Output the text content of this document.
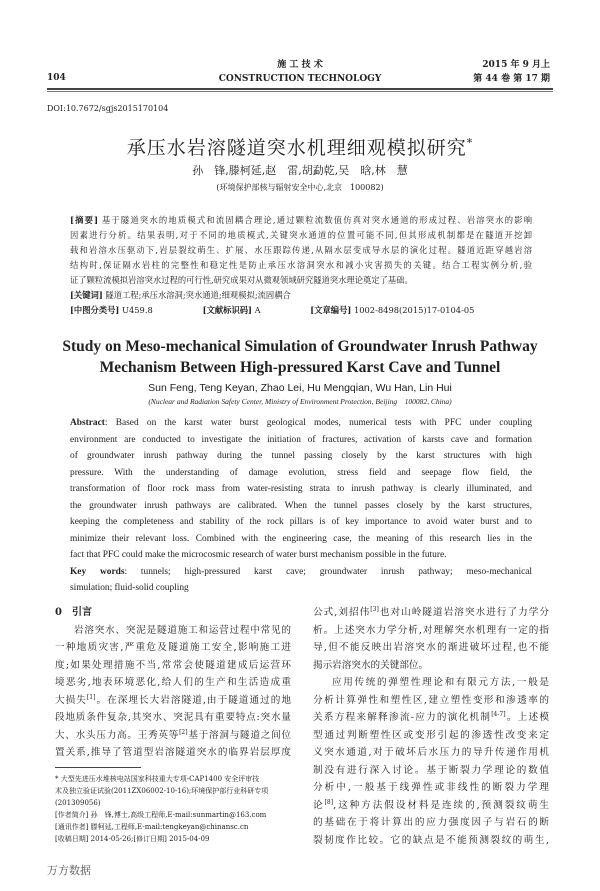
施 工 技 术
CONSTRUCTION TECHNOLOGY
104
2015 年 9 月上
第 44 卷 第 17 期
DOI:10.7672/sgjs2015170104
承压水岩溶隧道突水机理细观模拟研究*
孙　锋,滕柯延,赵　雷,胡勐乾,吴　晗,林　慧
(环境保护部核与辐射安全中心,北京　100082)
[摘要] 基于隧道突水的地质模式和流固耦合理论,通过颗粒流数值仿真对突水通道的形成过程、岩溶突水的影响
因素进行分析。结果表明,对于不同的地质模式,关键突水通道的位置可能不同,但其形成机制都是在隧道开挖卸
载和岩溶水压驱动下,岩层裂纹萌生、扩展、水压跟踪传递,从隔水层变成导水层的演化过程。隧道近距穿越岩溶
结构时,保证隔水岩柱的完整性和稳定性是防止承压水溶洞突水和减小灾害损失的关键。结合工程实例分析,验
证了颗粒流模拟岩溶突水过程的可行性,研究成果对从微观领域研究隧道突水理论奠定了基础。
[关键词] 隧道工程;承压水溶洞;突水通道;细观模拟;流固耦合
[中图分类号] U459.8	[文献标识码] A	[文章编号] 1002-8498(2015)17-0104-05
Study on Meso-mechanical Simulation of Groundwater Inrush Pathway
Mechanism Between High-pressured Karst Cave and Tunnel
Sun Feng, Teng Keyan, Zhao Lei, Hu Mengqian, Wu Han, Lin Hui
(Nuclear and Radiation Safety Center, Ministry of Environment Protection, Beijing　100082, China)
Abstract: Based on the karst water burst geological modes, numerical tests with PFC under coupling
environment are conducted to investigate the initiation of fractures, activation of karsts cave and formation
of groundwater inrush pathway during the tunnel passing closely by the karst structures with high
pressure. With the understanding of damage evolution, stress field and seepage flow field, the
transformation of floor rock mass from water-resisting strata to inrush pathway is clearly illuminated, and
the groundwater inrush pathways are calibrated. When the tunnel passes closely by the karst structures,
keeping the completeness and stability of the rock pillars is of key importance to avoid water burst and to
minimize their relevant loss. Combined with the engineering case, the meaning of this research lies in the
fact that PFC could make the microcosmic research of water burst mechanism possible in the future.
Key words: tunnels; high-pressured karst cave; groundwater inrush pathway; meso-mechanical
simulation; fluid-solid coupling
0　引言
岩溶突水、突泥是隧道施工和运营过程中常见的
一种地质灾害,严重危及隧道施工安全,影响施工进
度;如果处理措施不当,常常会使隧道建成后运营环
境恶劣,地表环境恶化,给人们的生产和生活造成重
大损失[1]。在深埋长大岩溶隧道,由于隧道通过的地
段地质条件复杂,其突水、突泥具有重要特点:突水量
大、水头压力高。王秀英等[2]基于溶洞与隧道之间位
置关系,推导了管道型岩溶隧道突水的临界岩层厚度
公式,刘招伟[3]也对山岭隧道岩溶突水进行了力学分
析。上述突水力学分析,对理解突水机理有一定的指
导,但不能反映出岩溶突水的渐进破坏过程,也不能
揭示岩溶突水的关键部位。
应用传统的弹塑性理论和有限元方法,一般是
分析计算弹性和塑性区,建立塑性变形和渗透率的
关系方程来解释渗流-应力的演化机制[4-7]。上述模
型通过判断塑性区或变形引起的渗透性改变来定
义突水通道,对于破坏后水压力的导升传递作用机
制没有进行深入讨论。基于断裂力学理论的数值
分析中,一般基于线弹性或非线性的断裂力学理
论[8],这种方法假设材料是连续的,预测裂纹萌生
的基础在于将计算出的应力强度因子与岩石的断
裂韧度作比较。它的缺点是不能预测裂纹的萌生,
* 大型先进压水堆核电站国家科技重大专项-CAP1400 安全评审技
术及独立验证试验(2011ZX06002-10-16);环境保护部行业科研专项
(201309056)
[作者简介] 孙　锋,博士,高级工程师,E-mail:sunmartin@163.com
[通讯作者] 滕柯延,工程师,E-mail:tengkeyan@chinansc.cn
[收稿日期] 2014-05-26;[修订日期] 2015-04-09
万方数据
